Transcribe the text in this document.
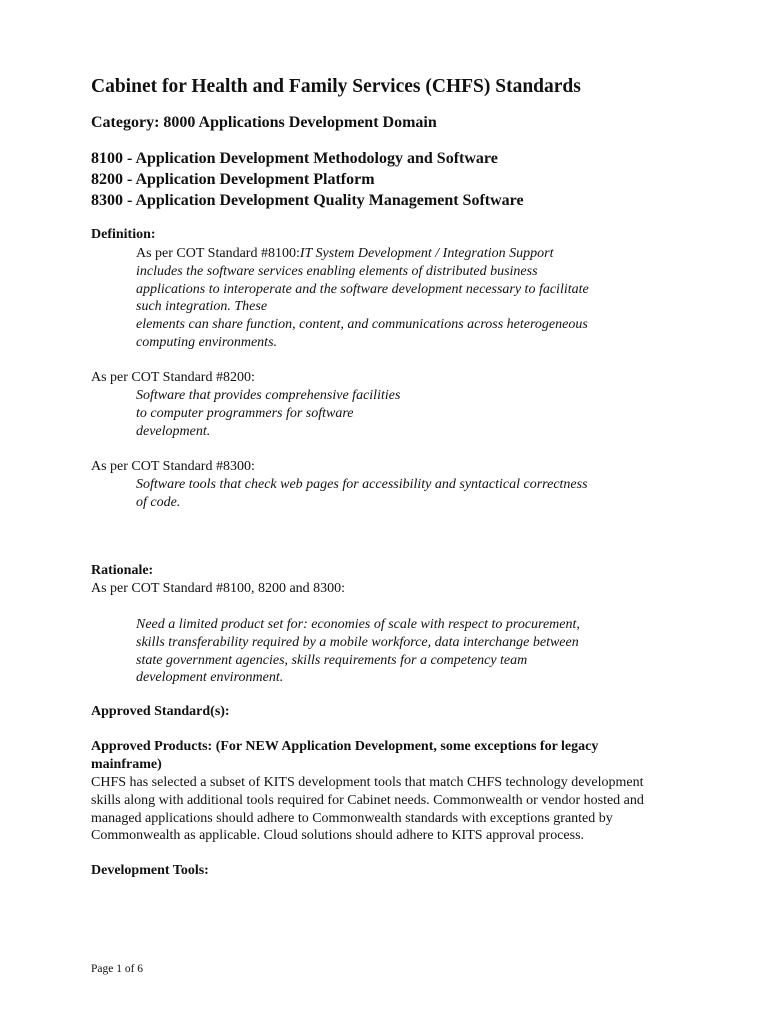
Cabinet for Health and Family Services (CHFS) Standards
Category: 8000 Applications Development Domain
8100 - Application Development Methodology and Software
8200 - Application Development Platform
8300 - Application Development Quality Management Software
Definition:
As per COT Standard #8100:IT System Development / Integration Support
includes the software services enabling elements of distributed business
applications to interoperate and the software development necessary to facilitate
such integration. These
elements can share function, content, and communications across heterogeneous
computing environments.
As per COT Standard #8200:
Software that provides comprehensive facilities
to computer programmers for software
development.
As per COT Standard #8300:
Software tools that check web pages for accessibility and syntactical correctness
of code.
Rationale:
As per COT Standard #8100, 8200 and 8300:
Need a limited product set for: economies of scale with respect to procurement,
skills transferability required by a mobile workforce, data interchange between
state government agencies, skills requirements for a competency team
development environment.
Approved Standard(s):
Approved Products: (For NEW Application Development, some exceptions for legacy
mainframe)
CHFS has selected a subset of KITS development tools that match CHFS technology development
skills along with additional tools required for Cabinet needs. Commonwealth or vendor hosted and
managed applications should adhere to Commonwealth standards with exceptions granted by
Commonwealth as applicable. Cloud solutions should adhere to KITS approval process.
Development Tools:
Page 1 of 6
